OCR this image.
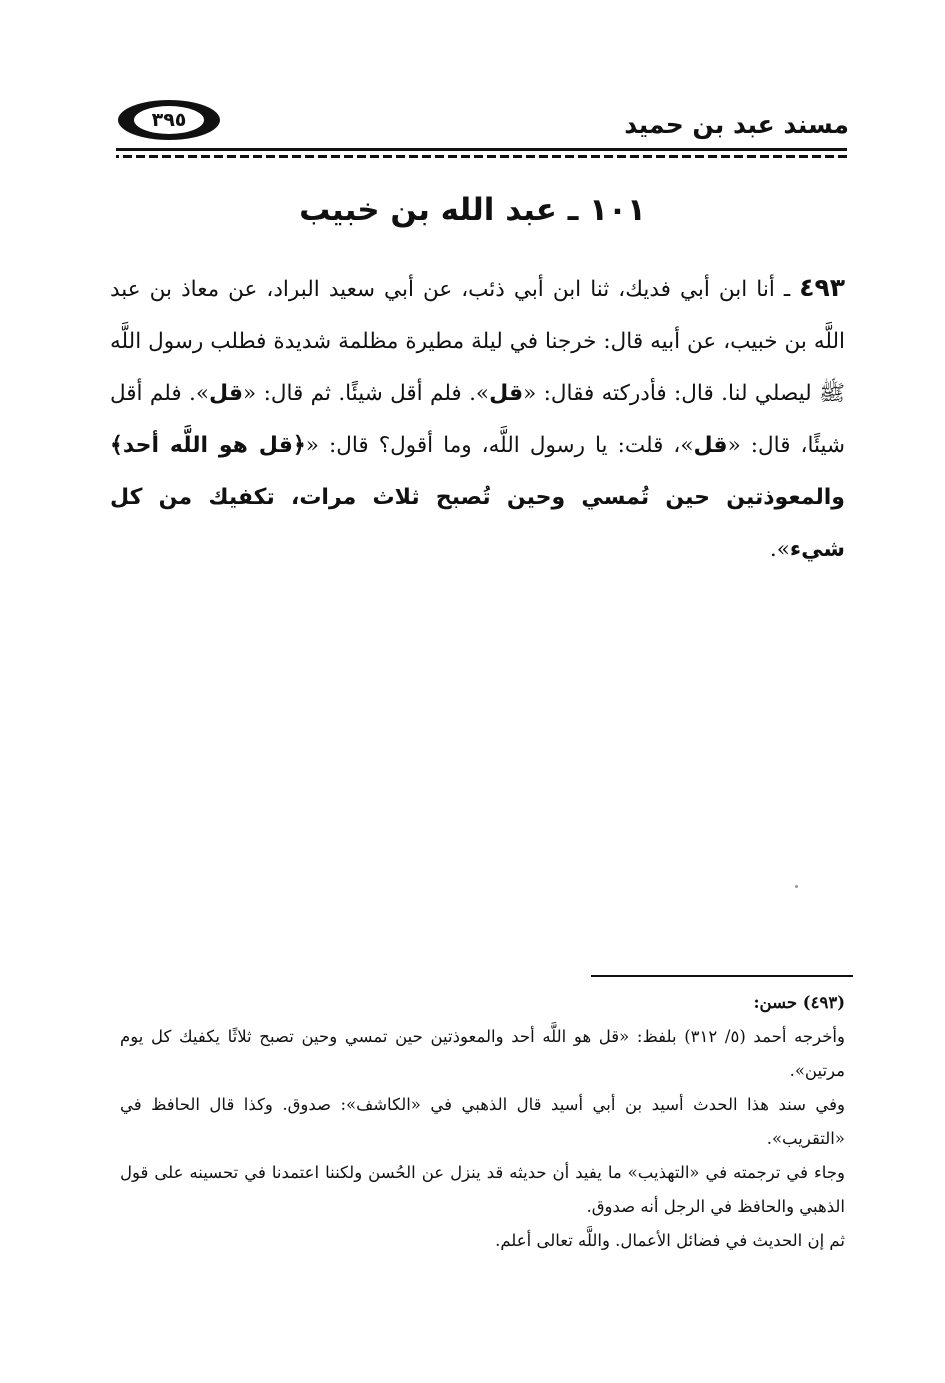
مسند عبد بن حميد
٣٩٥
١٠١ ـ عبد الله بن خبيب
٤٩٣ ـ أنا ابن أبي فديك، ثنا ابن أبي ذئب، عن أبي سعيد البراد، عن معاذ بن عبد اللَّه بن خبيب، عن أبيه قال: خرجنا في ليلة مطيرة مظلمة شديدة فطلب رسول اللَّه ﷺ ليصلي لنا. قال: فأدركته فقال: «قل». فلم أقل شيئًا. ثم قال: «قل». فلم أقل شيئًا، قال: «قل»، قلت: يا رسول اللَّه، وما أقول؟ قال: «﴿قل هو اللَّه أحد﴾ والمعوذتين حين تُمسي وحين تُصبح ثلاث مرات، تكفيك من كل شيء».

(٤٩٣) حسن:

وأخرجه أحمد (٥/ ٣١٢) بلفظ: «قل هو اللَّه أحد والمعوذتين حين تمسي وحين تصبح ثلاثًا يكفيك كل يوم مرتين».

وفي سند هذا الحدث أسيد بن أبي أسيد قال الذهبي في «الكاشف»: صدوق. وكذا قال الحافظ في «التقريب».

وجاء في ترجمته في «التهذيب» ما يفيد أن حديثه قد ينزل عن الحُسن ولكننا اعتمدنا في تحسينه على قول الذهبي والحافظ في الرجل أنه صدوق.

ثم إن الحديث في فضائل الأعمال. واللَّه تعالى أعلم.
